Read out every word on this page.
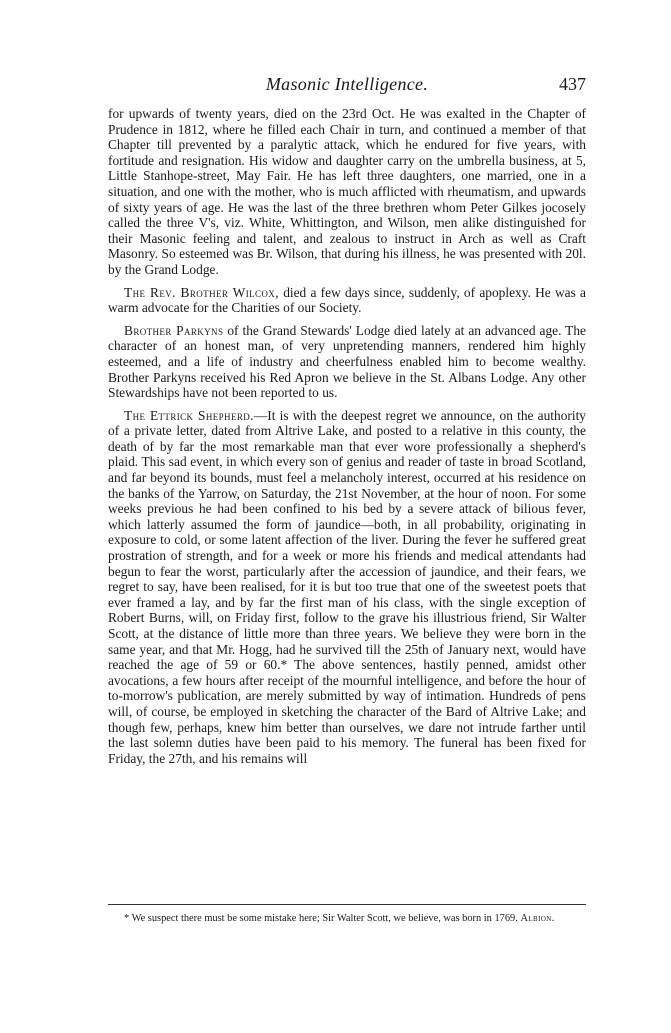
Masonic Intelligence.	437

for upwards of twenty years, died on the 23rd Oct. He was exalted in the Chapter of Prudence in 1812, where he filled each Chair in turn, and continued a member of that Chapter till prevented by a paralytic attack, which he endured for five years, with fortitude and resignation. His widow and daughter carry on the umbrella business, at 5, Little Stanhope-street, May Fair. He has left three daughters, one married, one in a situation, and one with the mother, who is much afflicted with rheumatism, and upwards of sixty years of age. He was the last of the three brethren whom Peter Gilkes jocosely called the three V's, viz. White, Whittington, and Wilson, men alike distinguished for their Masonic feeling and talent, and zealous to instruct in Arch as well as Craft Masonry. So esteemed was Br. Wilson, that during his illness, he was presented with 20l. by the Grand Lodge.

The Rev. Brother Wilcox, died a few days since, suddenly, of apoplexy. He was a warm advocate for the Charities of our Society.

Brother Parkyns of the Grand Stewards' Lodge died lately at an advanced age. The character of an honest man, of very unpretending manners, rendered him highly esteemed, and a life of industry and cheerfulness enabled him to become wealthy. Brother Parkyns received his Red Apron we believe in the St. Albans Lodge. Any other Stewardships have not been reported to us.

The Ettrick Shepherd.—It is with the deepest regret we announce, on the authority of a private letter, dated from Altrive Lake, and posted to a relative in this county, the death of by far the most remarkable man that ever wore professionally a shepherd's plaid. This sad event, in which every son of genius and reader of taste in broad Scotland, and far beyond its bounds, must feel a melancholy interest, occurred at his residence on the banks of the Yarrow, on Saturday, the 21st November, at the hour of noon. For some weeks previous he had been confined to his bed by a severe attack of bilious fever, which latterly assumed the form of jaundice—both, in all probability, originating in exposure to cold, or some latent affection of the liver. During the fever he suffered great prostration of strength, and for a week or more his friends and medical attendants had begun to fear the worst, particularly after the accession of jaundice, and their fears, we regret to say, have been realised, for it is but too true that one of the sweetest poets that ever framed a lay, and by far the first man of his class, with the single exception of Robert Burns, will, on Friday first, follow to the grave his illustrious friend, Sir Walter Scott, at the distance of little more than three years. We believe they were born in the same year, and that Mr. Hogg, had he survived till the 25th of January next, would have reached the age of 59 or 60.* The above sentences, hastily penned, amidst other avocations, a few hours after receipt of the mournful intelligence, and before the hour of to-morrow's publication, are merely submitted by way of intimation. Hundreds of pens will, of course, be employed in sketching the character of the Bard of Altrive Lake; and though few, perhaps, knew him better than ourselves, we dare not intrude farther until the last solemn duties have been paid to his memory. The funeral has been fixed for Friday, the 27th, and his remains will

* We suspect there must be some mistake here; Sir Walter Scott, we believe, was born in 1769. Albion.
